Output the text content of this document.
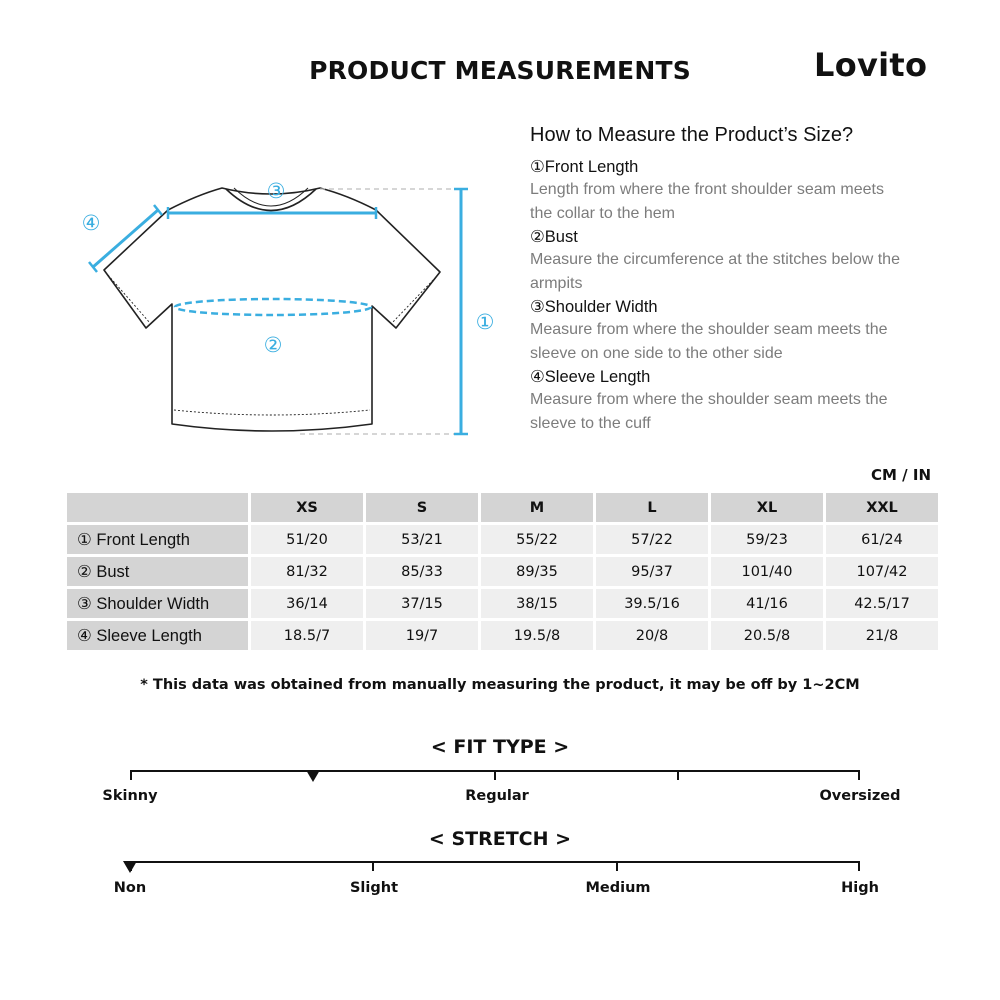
PRODUCT MEASUREMENTS	Lovito
①
②
③
④
How to Measure the Product’s Size?
①Front Length
Length from where the front shoulder seam meets the collar to the hem
②Bust
Measure the circumference at the stitches below the armpits
③Shoulder Width
Measure from where the shoulder seam meets the sleeve on one side to the other side
④Sleeve Length
Measure from where the shoulder seam meets the sleeve to the cuff
CM / IN
	XS	S	M	L	XL	XXL
① Front Length	51/20	53/21	55/22	57/22	59/23	61/24
② Bust	81/32	85/33	89/35	95/37	101/40	107/42
③ Shoulder Width	36/14	37/15	38/15	39.5/16	41/16	42.5/17
④ Sleeve Length	18.5/7	19/7	19.5/8	20/8	20.5/8	21/8
* This data was obtained from manually measuring the product, it may be off by 1~2CM
< FIT TYPE >
Skinny	Regular	Oversized
< STRETCH >
Non	Slight	Medium	High
